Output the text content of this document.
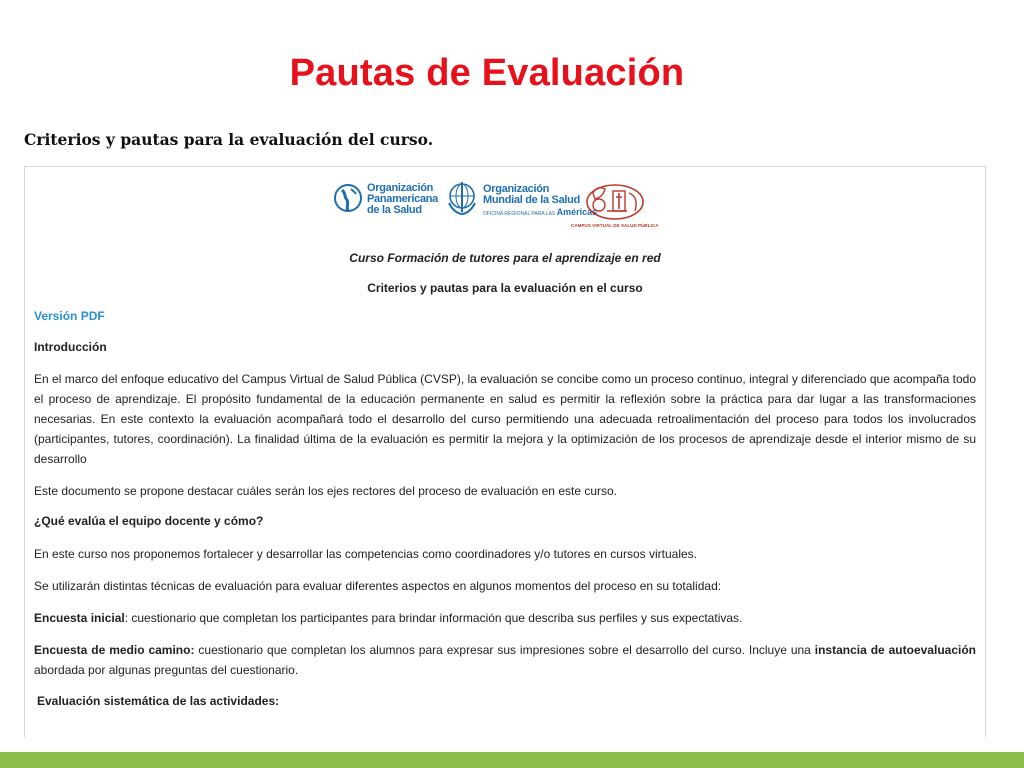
Pautas de Evaluación
Criterios y pautas para la evaluación del curso.
Organización
Panamericana
de la Salud
Organización
Mundial de la Salud
OFICINA REGIONAL PARA LAS Américas
CAMPUS VIRTUAL DE SALUD PÚBLICA
Curso Formación de tutores para el aprendizaje en red
Criterios y pautas para la evaluación en el curso
Versión PDF
Introducción
En el marco del enfoque educativo del Campus Virtual de Salud Pública (CVSP), la evaluación se concibe como un proceso continuo, integral y diferenciado que acompaña todo el proceso de aprendizaje. El propósito fundamental de la educación permanente en salud es permitir la reflexión sobre la práctica para dar lugar a las transformaciones necesarias. En este contexto la evaluación acompañará todo el desarrollo del curso permitiendo una adecuada retroalimentación del proceso para todos los involucrados (participantes, tutores, coordinación). La finalidad última de la evaluación es permitir la mejora y la optimización de los procesos de aprendizaje desde el interior mismo de su desarrollo
Este documento se propone destacar cuáles serán los ejes rectores del proceso de evaluación en este curso.
¿Qué evalúa el equipo docente y cómo?
En este curso nos proponemos fortalecer y desarrollar las competencias como coordinadores y/o tutores en cursos virtuales.
Se utilizarán distintas técnicas de evaluación para evaluar diferentes aspectos en algunos momentos del proceso en su totalidad:
Encuesta inicial: cuestionario que completan los participantes para brindar información que describa sus perfiles y sus expectativas.
Encuesta de medio camino: cuestionario que completan los alumnos para expresar sus impresiones sobre el desarrollo del curso. Incluye una instancia de autoevaluación abordada por algunas preguntas del cuestionario.
Evaluación sistemática de las actividades:
